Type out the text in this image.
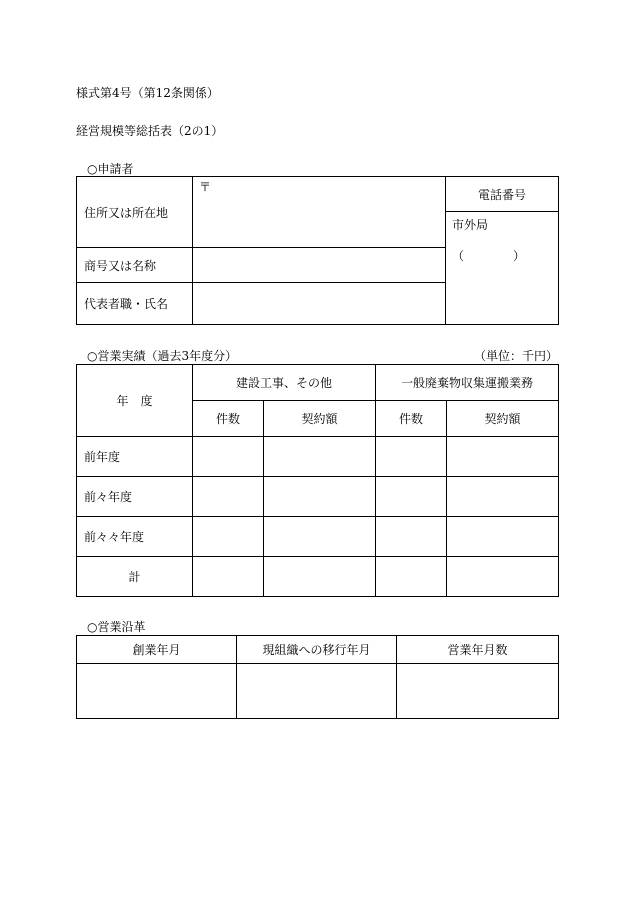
様式第4号（第12条関係）
経営規模等総括表（2の1）
○申請者
住所又は所在地	〒	電話番号

		市外局
（ ）

商号又は名称		
代表者職・氏名		
○営業実績（過去3年度分）	（単位：千円）
年　度	建設工事、その他		一般廃棄物収集運搬業務	
	件数	契約額	件数	契約額
前年度				
前々年度				
前々々年度				
計				
○営業沿革
創業年月	現組織への移行年月	営業年月数
